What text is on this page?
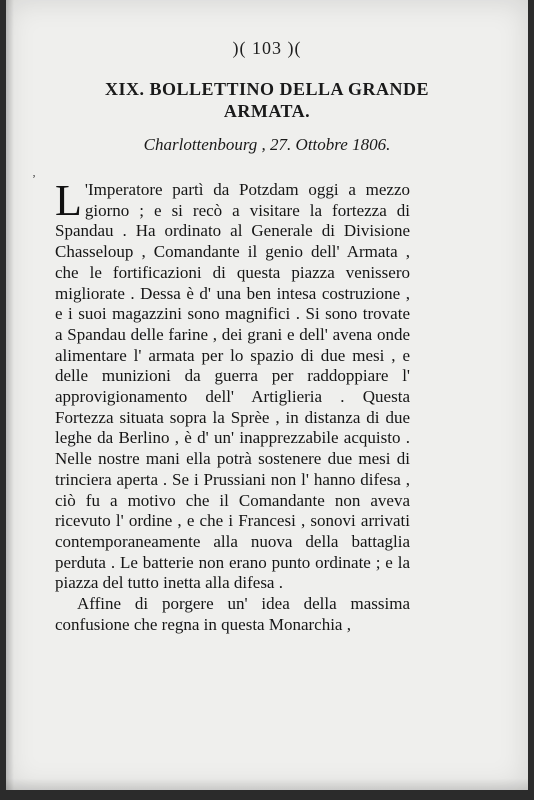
)( 103 )(
XIX. BOLLETTINO DELLA GRANDE
ARMATA.
Charlottenbourg , 27. Ottobre 1806.
ʼ L 'Imperatore partì da Potzdam oggi a mezzo giorno ; e si recò a visitare la fortezza di Spandau . Ha ordinato al Generale di Divisione Chasseloup , Comandante il genio dell' Armata , che le fortificazioni di questa piazza venissero migliorate . Dessa è d' una ben intesa costruzione , e i suoi magazzini sono magnifici . Si sono trovate a Spandau delle farine , dei grani e dell' avena onde alimentare l' armata per lo spazio di due mesi , e delle munizioni da guerra per raddoppiare l' approvigionamento dell' Artiglieria . Questa Fortezza situata sopra la Sprèe , in distanza di due leghe da Berlino , è d' un' inapprezzabile acquisto . Nelle nostre mani ella potrà sostenere due mesi di trinciera aperta . Se i Prussiani non l' hanno difesa , ciò fu a motivo che il Comandante non aveva ricevuto l' ordine , e che i Francesi , sonovi arrivati contemporaneamente alla nuova della battaglia perduta . Le batterie non erano punto ordinate ; e la piazza del tutto inetta alla difesa .

Affine di porgere un' idea della massima confusione che regna in questa Monarchia ,
